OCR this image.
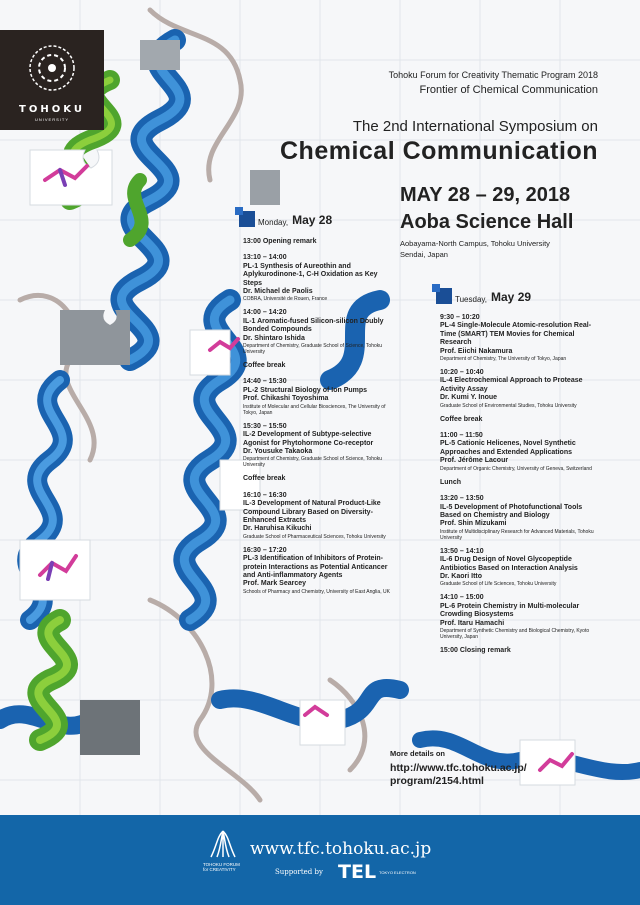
TOHOKU
UNIVERSITY
Tohoku Forum for Creativity Thematic Program 2018
Frontier of Chemical Communication
The 2nd International Symposium on
Chemical Communication
MAY 28 – 29, 2018
Aoba Science Hall
Aobayama-North Campus, Tohoku University
Sendai, Japan
Monday, May 28
13:00 Opening remark
13:10 – 14:00
PL-1 Synthesis of Aureothin and Aplykurodinone-1, C-H Oxidation as Key Steps
Dr. Michael de Paolis
COBRA, Université de Rouen, France
14:00 – 14:20
IL-1 Aromatic-fused Silicon-silicon Doubly Bonded Compounds
Dr. Shintaro Ishida
Department of Chemistry, Graduate School of Science, Tohoku University
Coffee break
14:40 – 15:30
PL-2 Structural Biology of Ion Pumps
Prof. Chikashi Toyoshima
Institute of Molecular and Cellular Biosciences, The University of Tokyo, Japan
15:30 – 15:50
IL-2 Development of Subtype-selective Agonist for Phytohormone Co-receptor
Dr. Yousuke Takaoka
Department of Chemistry, Graduate School of Science, Tohoku University
Coffee break
16:10 – 16:30
IL-3 Development of Natural Product-Like Compound Library Based on Diversity-Enhanced Extracts
Dr. Haruhisa Kikuchi
Graduate School of Pharmaceutical Sciences, Tohoku University
16:30 – 17:20
PL-3 Identification of Inhibitors of Protein-protein Interactions as Potential Anticancer and Anti-inflammatory Agents
Prof. Mark Searcey
Schools of Pharmacy and Chemistry, University of East Anglia, UK
Tuesday, May 29
9:30 – 10:20
PL-4 Single-Molecule Atomic-resolution Real-Time (SMART) TEM Movies for Chemical Research
Prof. Eiichi Nakamura
Department of Chemistry, The University of Tokyo, Japan
10:20 – 10:40
IL-4 Electrochemical Approach to Protease Activity Assay
Dr. Kumi Y. Inoue
Graduate School of Environmental Studies, Tohoku University
Coffee break
11:00 – 11:50
PL-5 Cationic Helicenes, Novel Synthetic Approaches and Extended Applications
Prof. Jérôme Lacour
Department of Organic Chemistry, University of Geneva, Switzerland
Lunch
13:20 – 13:50
IL-5 Development of Photofunctional Tools Based on Chemistry and Biology
Prof. Shin Mizukami
Institute of Multidisciplinary Research for Advanced Materials, Tohoku University
13:50 – 14:10
IL-6 Drug Design of Novel Glycopeptide Antibiotics Based on Interaction Analysis
Dr. Kaori Itto
Graduate School of Life Sciences, Tohoku University
14:10 – 15:00
PL-6 Protein Chemistry in Multi-molecular Crowding Biosystems
Prof. Itaru Hamachi
Department of Synthetic Chemistry and Biological Chemistry, Kyoto University, Japan
15:00 Closing remark
More details on
http://www.tfc.tohoku.ac.jp/
program/2154.html
TOHOKU FORUM
for CREATIVITY
www.tfc.tohoku.ac.jp
Supported by TEL TOKYO ELECTRON
